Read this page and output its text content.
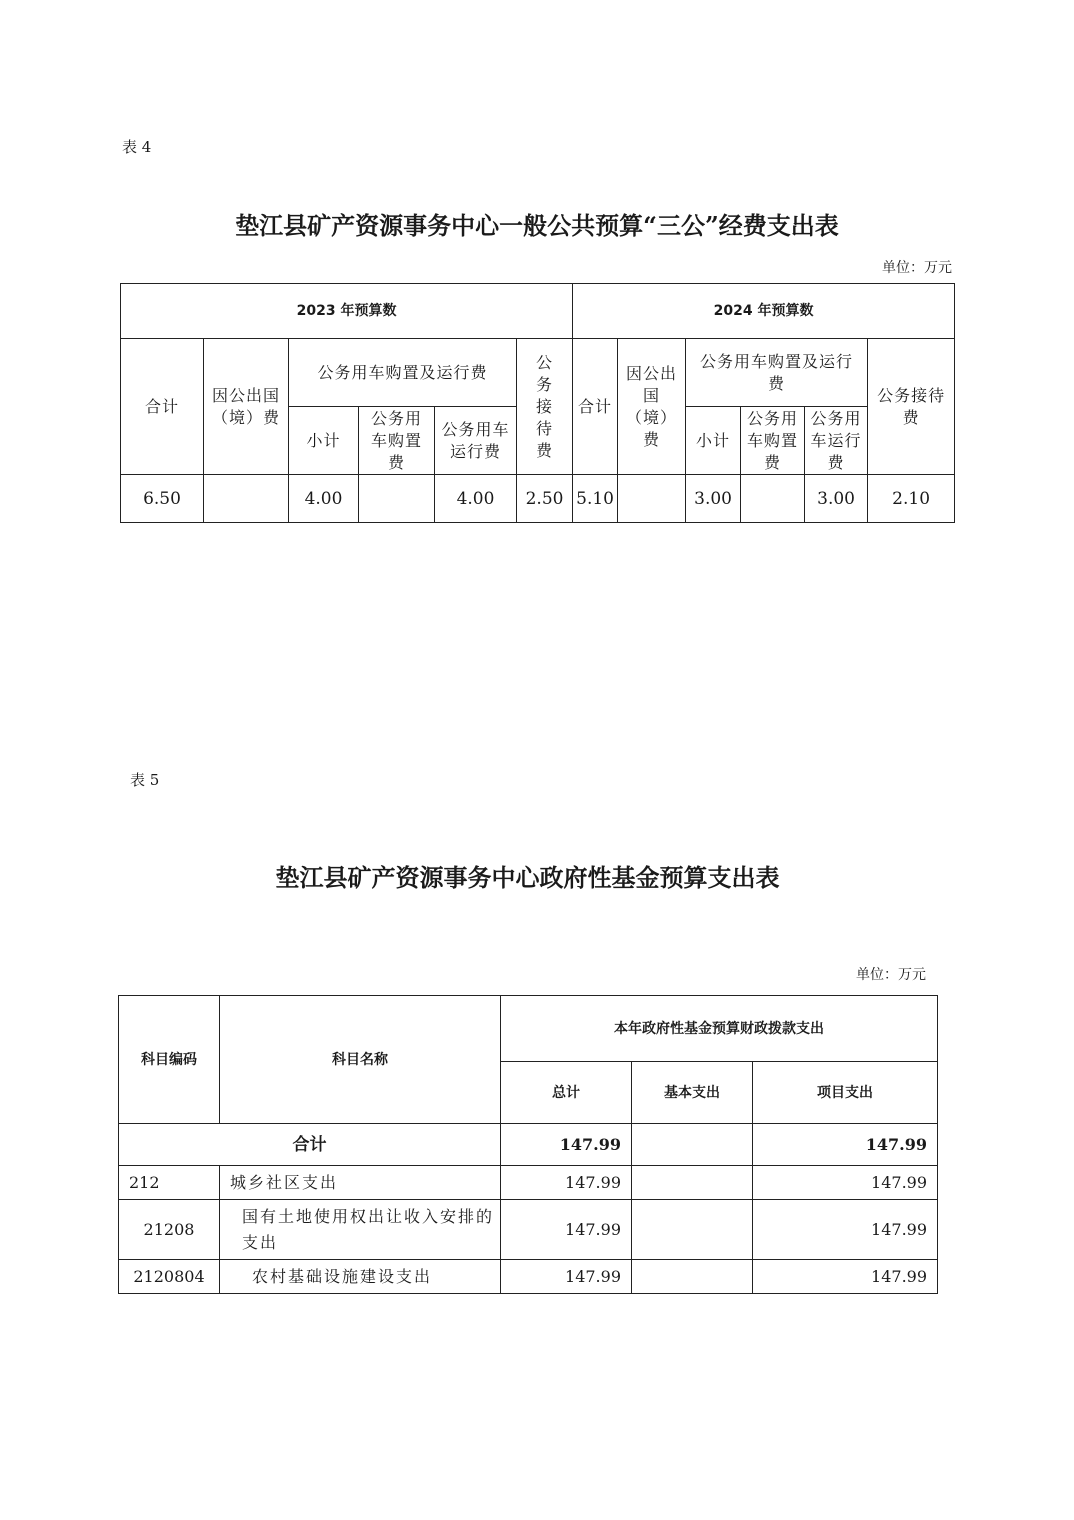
表 4
垫江县矿产资源事务中心一般公共预算“三公”经费支出表
单位：万元
2023 年预算数						2024 年预算数					
合计	因公出国（境）费	公务用车购置及运行费			公务接待费	合计	因公出国（境）费	公务用车购置及运行费			公务接待费
		小计	公务用车购置费	公务用车运行费				小计	公务用车购置费	公务用车运行费	
6.50		4.00		4.00	2.50	5.10		3.00		3.00	2.10
表 5
垫江县矿产资源事务中心政府性基金预算支出表
单位：万元
科目编码	科目名称	本年政府性基金预算财政拨款支出		
		总计	基本支出	项目支出
合计		147.99		147.99
212	城乡社区支出	147.99		147.99
21208	国有土地使用权出让收入安排的支出	147.99		147.99
2120804	农村基础设施建设支出	147.99		147.99
